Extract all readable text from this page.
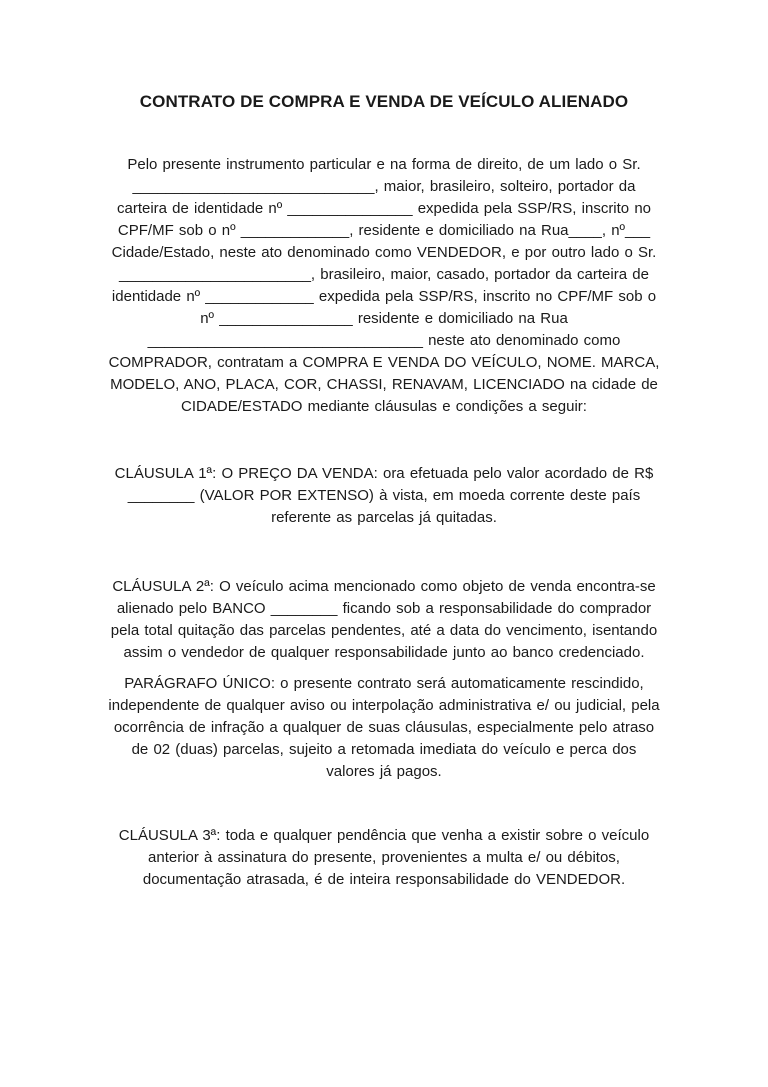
CONTRATO DE COMPRA E VENDA DE VEÍCULO ALIENADO

Pelo presente instrumento particular e na forma de direito, de um lado o Sr. _____________________________, maior, brasileiro, solteiro, portador da carteira de identidade nº _______________ expedida pela SSP/RS, inscrito no CPF/MF sob o nº _____________, residente e domiciliado na Rua____, nº___ Cidade/Estado, neste ato denominado como VENDEDOR, e por outro lado o Sr. _______________________, brasileiro, maior, casado, portador da carteira de identidade nº _____________ expedida pela SSP/RS, inscrito no CPF/MF sob o nº ________________ residente e domiciliado na Rua _________________________________ neste ato denominado como COMPRADOR, contratam a COMPRA E VENDA DO VEÍCULO, NOME. MARCA, MODELO, ANO, PLACA, COR, CHASSI, RENAVAM, LICENCIADO na cidade de CIDADE/ESTADO mediante cláusulas e condições a seguir:

CLÁUSULA 1ª: O PREÇO DA VENDA: ora efetuada pelo valor acordado de R$ ________ (VALOR POR EXTENSO) à vista, em moeda corrente deste país referente as parcelas já quitadas.

CLÁUSULA 2ª: O veículo acima mencionado como objeto de venda encontra-se alienado pelo BANCO ________ ficando sob a responsabilidade do comprador pela total quitação das parcelas pendentes, até a data do vencimento, isentando assim o vendedor de qualquer responsabilidade junto ao banco credenciado.

PARÁGRAFO ÚNICO: o presente contrato será automaticamente rescindido, independente de qualquer aviso ou interpolação administrativa e/ ou judicial, pela ocorrência de infração a qualquer de suas cláusulas, especialmente pelo atraso de 02 (duas) parcelas, sujeito a retomada imediata do veículo e perca dos valores já pagos.

CLÁUSULA 3ª: toda e qualquer pendência que venha a existir sobre o veículo anterior à assinatura do presente, provenientes a multa e/ ou débitos, documentação atrasada, é de inteira responsabilidade do VENDEDOR.
